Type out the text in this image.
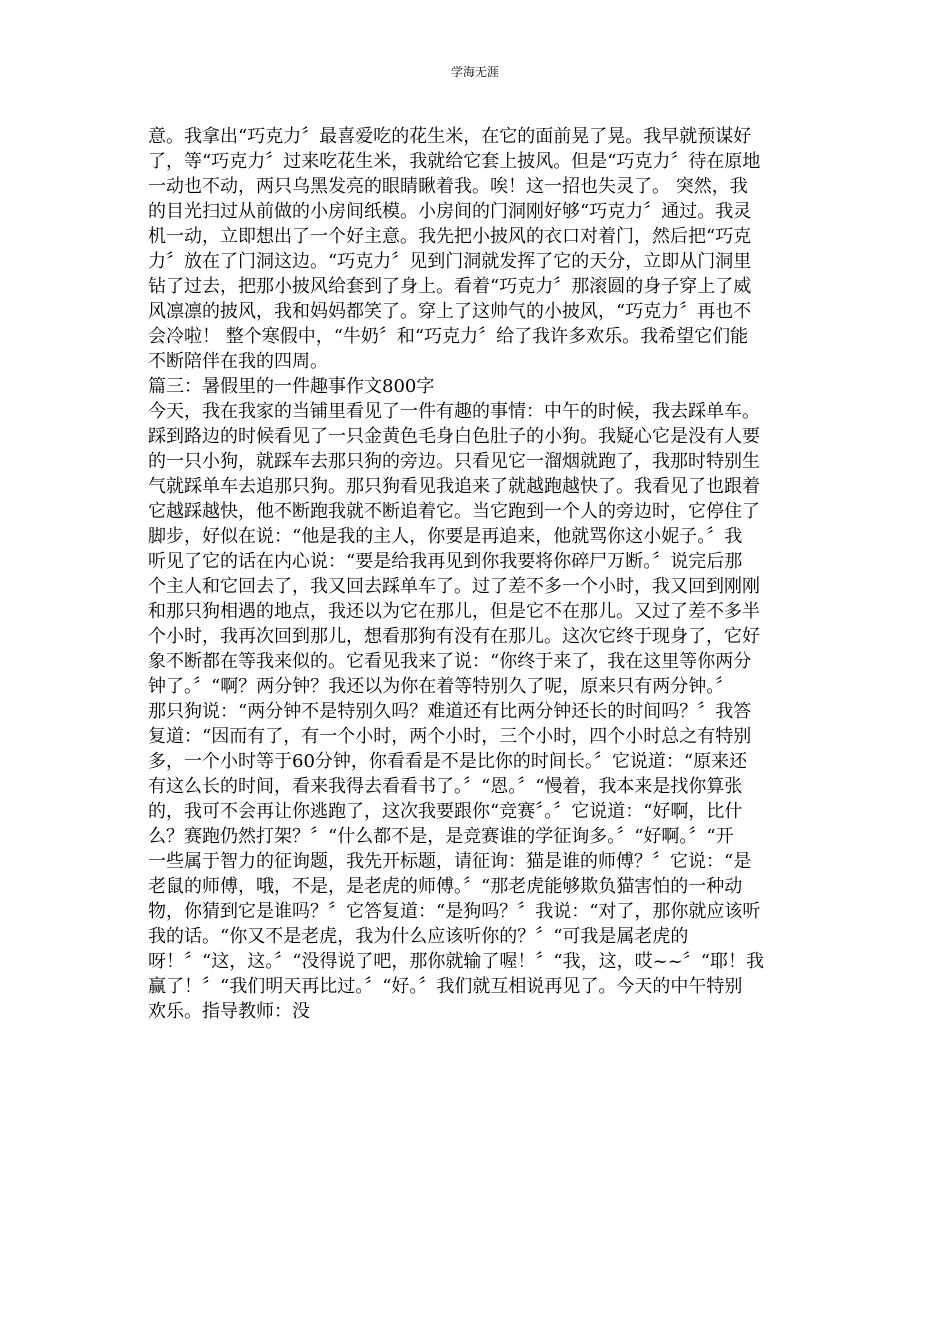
学海无涯
意。我拿出“巧克力〞最喜爱吃的花生米，在它的面前晃了晃。我早就预谋好
了，等“巧克力〞过来吃花生米，我就给它套上披风。但是“巧克力〞待在原地
一动也不动，两只乌黑发亮的眼睛瞅着我。唉！这一招也失灵了。 突然，我
的目光扫过从前做的小房间纸模。小房间的门洞刚好够“巧克力〞通过。我灵
机一动，立即想出了一个好主意。我先把小披风的衣口对着门，然后把“巧克
力〞放在了门洞这边。“巧克力〞见到门洞就发挥了它的天分，立即从门洞里
钻了过去，把那小披风给套到了身上。看着“巧克力〞那滚圆的身子穿上了威
风凛凛的披风，我和妈妈都笑了。穿上了这帅气的小披风，“巧克力〞再也不
会冷啦！ 整个寒假中，“牛奶〞和“巧克力〞给了我许多欢乐。我希望它们能
不断陪伴在我的四周。
篇三：暑假里的一件趣事作文800字
今天，我在我家的当铺里看见了一件有趣的事情：中午的时候，我去踩单车。
踩到路边的时候看见了一只金黄色毛身白色肚子的小狗。我疑心它是没有人要
的一只小狗，就踩车去那只狗的旁边。只看见它一溜烟就跑了，我那时特别生
气就踩单车去追那只狗。那只狗看见我追来了就越跑越快了。我看见了也跟着
它越踩越快，他不断跑我就不断追着它。当它跑到一个人的旁边时，它停住了
脚步，好似在说：“他是我的主人，你要是再追来，他就骂你这小妮子。〞我
听见了它的话在内心说：“要是给我再见到你我要将你碎尸万断。〞说完后那
个主人和它回去了，我又回去踩单车了。过了差不多一个小时，我又回到刚刚
和那只狗相遇的地点，我还以为它在那儿，但是它不在那儿。又过了差不多半
个小时，我再次回到那儿，想看那狗有没有在那儿。这次它终于现身了，它好
象不断都在等我来似的。它看见我来了说：“你终于来了，我在这里等你两分
钟了。〞“啊？两分钟？我还以为你在着等特别久了呢，原来只有两分钟。〞
那只狗说：“两分钟不是特别久吗？难道还有比两分钟还长的时间吗？〞我答
复道：“因而有了，有一个小时，两个小时，三个小时，四个小时总之有特别
多，一个小时等于60分钟，你看看是不是比你的时间长。〞它说道：“原来还
有这么长的时间，看来我得去看看书了。〞“恩。〞“慢着，我本来是找你算张
的，我可不会再让你逃跑了，这次我要跟你“竞赛〞。〞它说道：“好啊，比什
么？赛跑仍然打架？〞“什么都不是，是竞赛谁的学征询多。〞“好啊。〞“开
一些属于智力的征询题，我先开标题，请征询：猫是谁的师傅？〞它说：“是
老鼠的师傅，哦，不是，是老虎的师傅。〞“那老虎能够欺负猫害怕的一种动
物，你猜到它是谁吗？〞它答复道：“是狗吗？〞我说：“对了，那你就应该听
我的话。“你又不是老虎，我为什么应该听你的？〞“可我是属老虎的
呀！〞“这，这。〞“没得说了吧，那你就输了喔！〞“我，这，哎~~〞“耶！我
赢了！〞“我们明天再比过。〞“好。〞我们就互相说再见了。今天的中午特别
欢乐。指导教师：没
